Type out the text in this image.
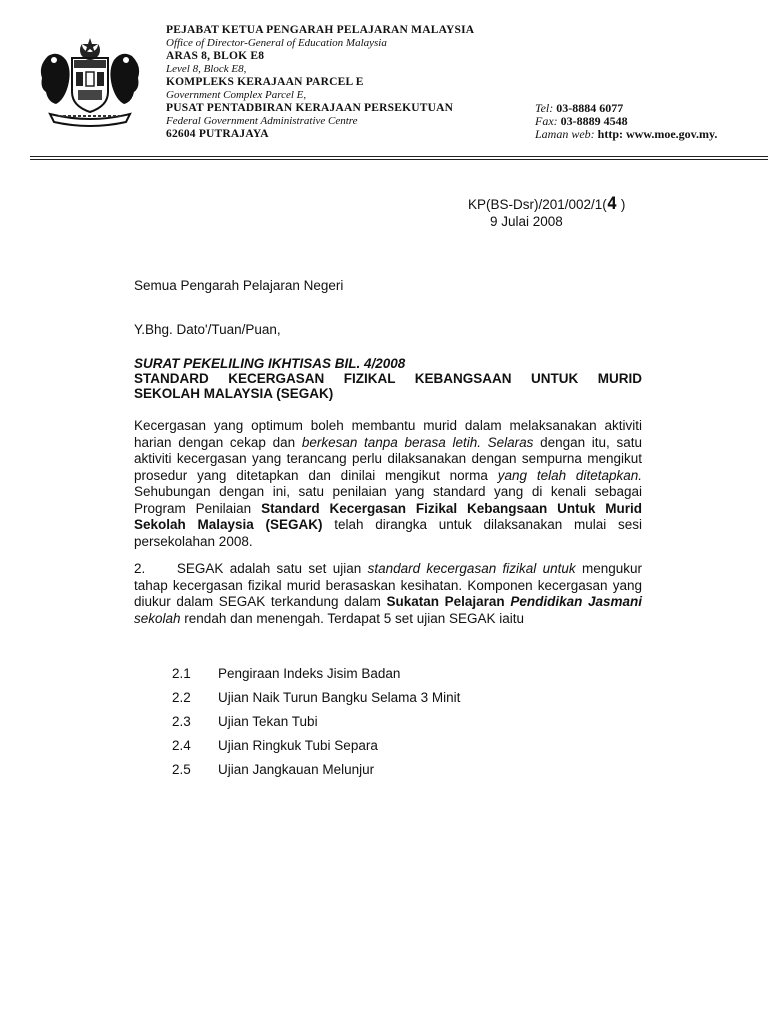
PEJABAT KETUA PENGARAH PELAJARAN MALAYSIA
Office of Director-General of Education Malaysia
ARAS 8, BLOK E8
Level 8, Block E8,
KOMPLEKS KERAJAAN PARCEL E
Government Complex Parcel E,
PUSAT PENTADBIRAN KERAJAAN PERSEKUTUAN
Federal Government Administrative Centre
62604 PUTRAJAYA
Tel: 03-8884 6077
Fax: 03-8889 4548
Laman web: http: www.moe.gov.my.
KP(BS-Dsr)/201/002/1(4 )
9 Julai 2008
Semua Pengarah Pelajaran Negeri
Y.Bhg. Dato'/Tuan/Puan,
SURAT PEKELILING IKHTISAS BIL. 4/2008
STANDARD KECERGASAN FIZIKAL KEBANGSAAN UNTUK MURID
SEKOLAH MALAYSIA (SEGAK)
Kecergasan yang optimum boleh membantu murid dalam melaksanakan aktiviti harian dengan cekap dan berkesan tanpa berasa letih. Selaras dengan itu, satu aktiviti kecergasan yang terancang perlu dilaksanakan dengan sempurna mengikut prosedur yang ditetapkan dan dinilai mengikut norma yang telah ditetapkan. Sehubungan dengan ini, satu penilaian yang standard yang di kenali sebagai Program Penilaian Standard Kecergasan Fizikal Kebangsaan Untuk Murid Sekolah Malaysia (SEGAK) telah dirangka untuk dilaksanakan mulai sesi persekolahan 2008.
2.     SEGAK adalah satu set ujian standard kecergasan fizikal untuk mengukur tahap kecergasan fizikal murid berasaskan kesihatan. Komponen kecergasan yang diukur dalam SEGAK terkandung dalam Sukatan Pelajaran Pendidikan Jasmani sekolah rendah dan menengah. Terdapat 5 set ujian SEGAK iaitu
2.1	Pengiraan Indeks Jisim Badan
2.2	Ujian Naik Turun Bangku Selama 3 Minit
2.3	Ujian Tekan Tubi
2.4	Ujian Ringkuk Tubi Separa
2.5	Ujian Jangkauan Melunjur
